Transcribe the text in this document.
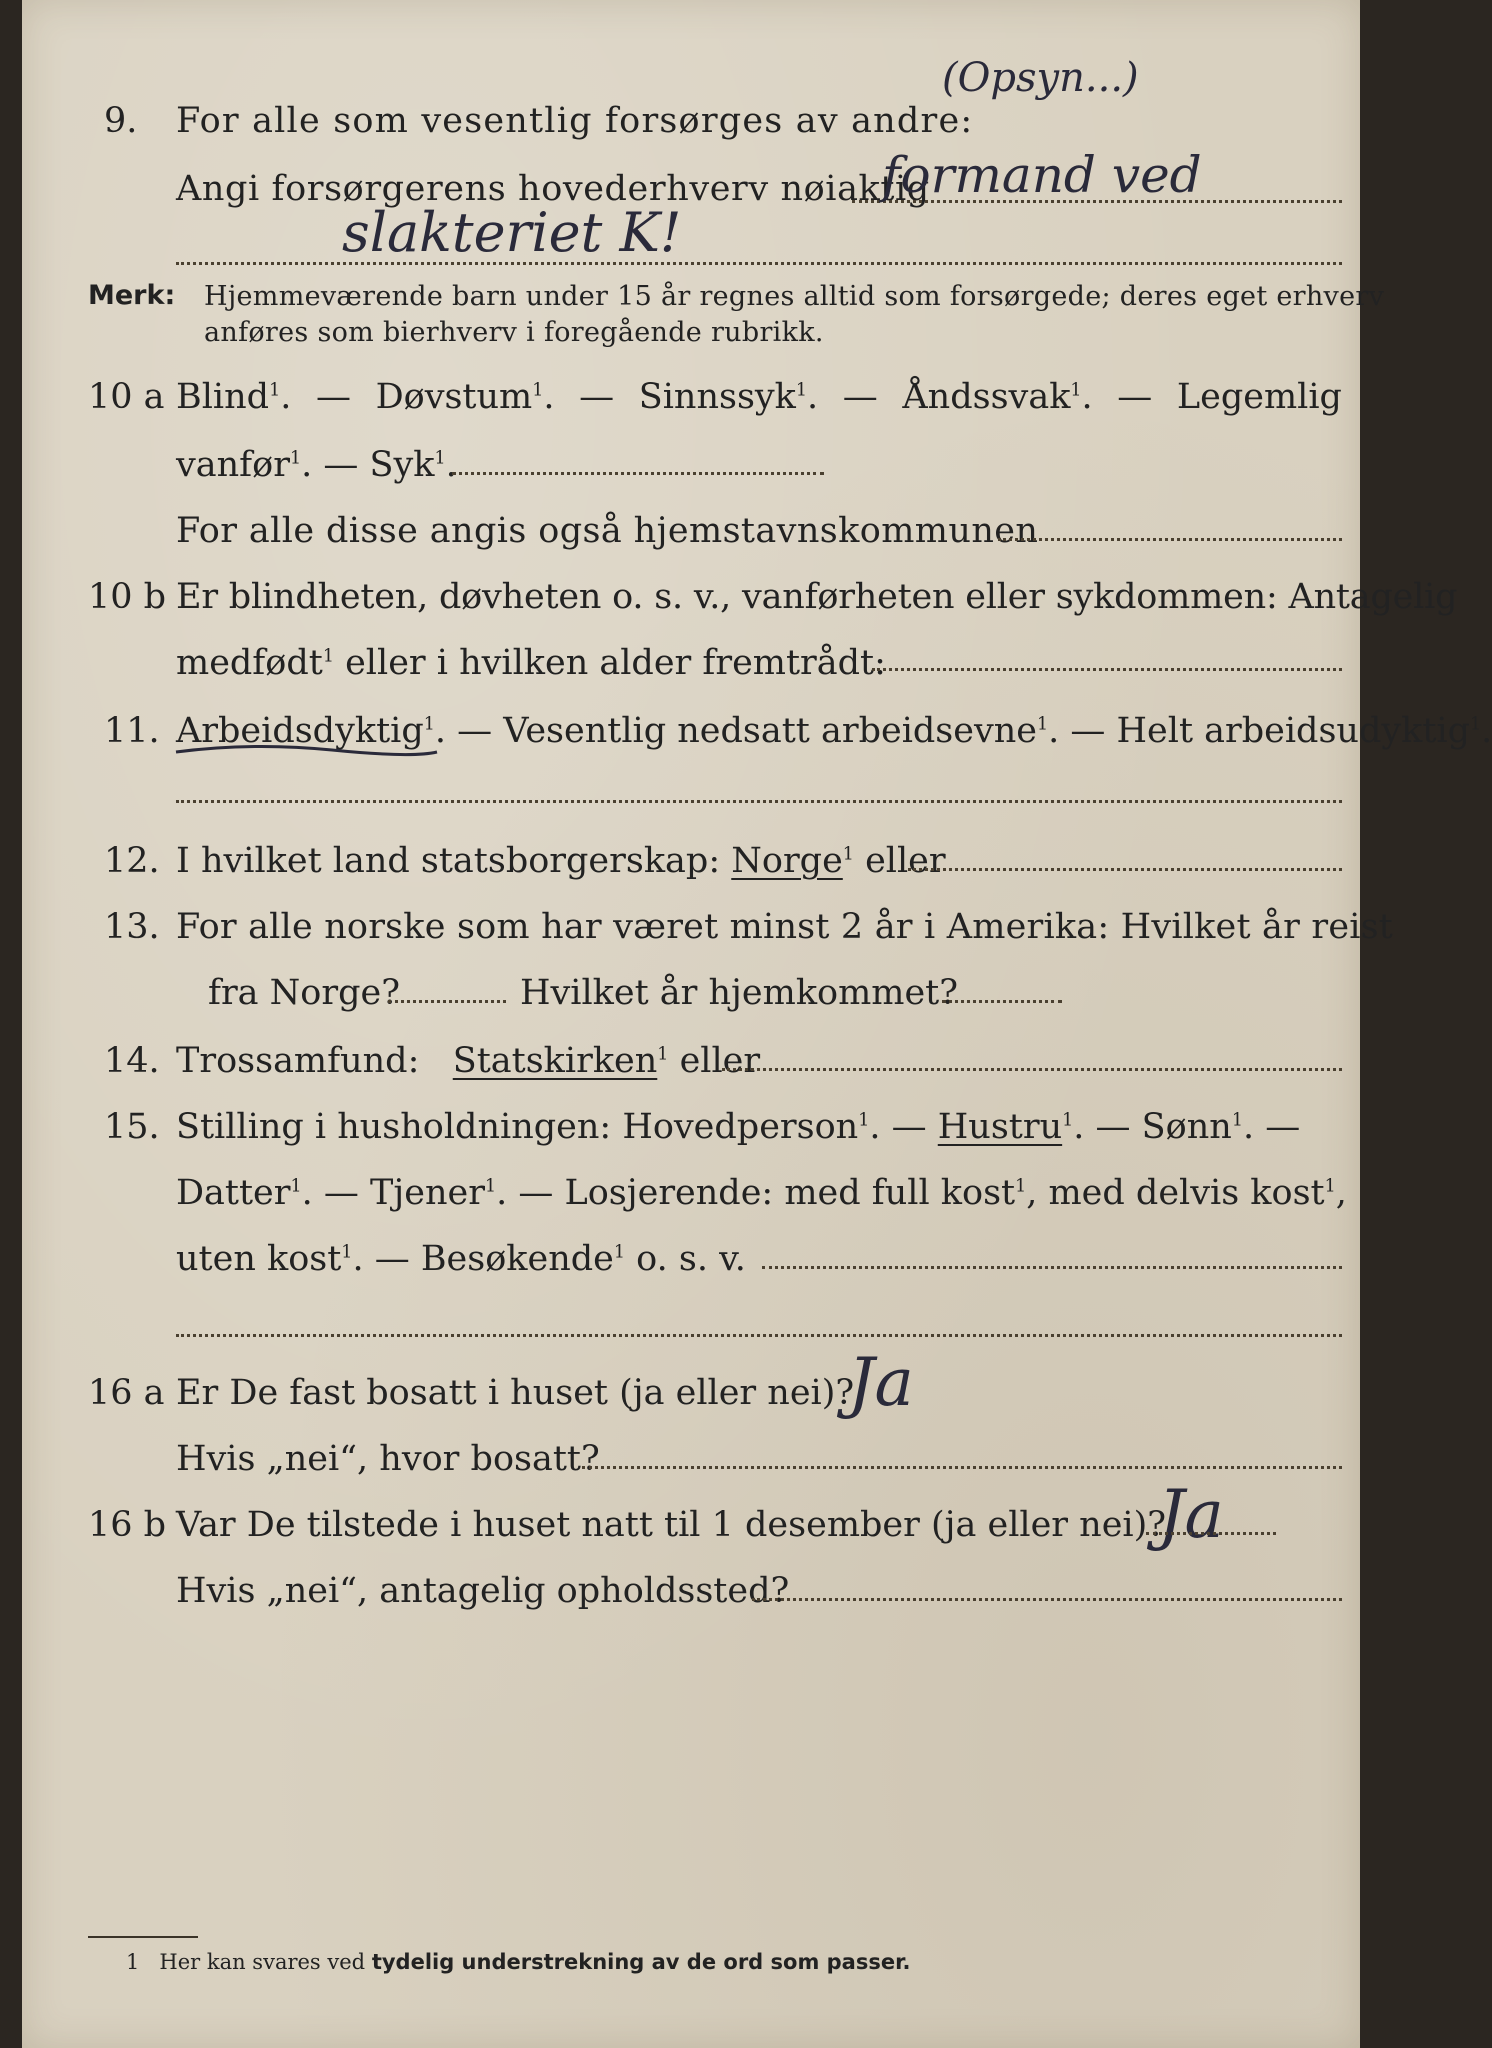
(Opsyn...)
9. For alle som vesentlig forsørges av andre:
Angi forsørgerens hovederhverv nøiaktig
formand ved
slakteriet K!
Merk: Hjemmeværende barn under 15 år regnes alltid som forsørgede; deres eget erhverv
anføres som bierhverv i foregående rubrikk.
10 a Blind$^1$. — Døvstum$^1$. — Sinnssyk$^1$. — Åndssvak$^1$. — Legemlig
vanfør$^1$. — Syk$^1$.
For alle disse angis også hjemstavnskommunen
10 b Er blindheten, døvheten o. s. v., vanførheten eller sykdommen: Antagelig
medfødt$^1$ eller i hvilken alder fremtrådt:
11. Arbeidsdyktig$^1$. — Vesentlig nedsatt arbeidsevne$^1$. — Helt arbeidsudyktig$^1$.
12. I hvilket land statsborgerskap: Norge$^1$ eller
13. For alle norske som har været minst 2 år i Amerika: Hvilket år reist
fra Norge?	Hvilket år hjemkommet?
14. Trossamfund: Statskirken$^1$ eller
15. Stilling i husholdningen: Hovedperson$^1$. — Hustru$^1$. — Sønn$^1$. —
Datter$^1$. — Tjener$^1$. — Losjerende: med full kost$^1$, med delvis kost$^1$,
uten kost$^1$. — Besøkende$^1$ o. s. v.
16 a Er De fast bosatt i huset (ja eller nei)?
Ja
Hvis „nei“, hvor bosatt?
16 b Var De tilstede i huset natt til 1 desember (ja eller nei)?
Ja
Hvis „nei“, antagelig opholdssted?
1 Her kan svares ved tydelig understrekning av de ord som passer.
